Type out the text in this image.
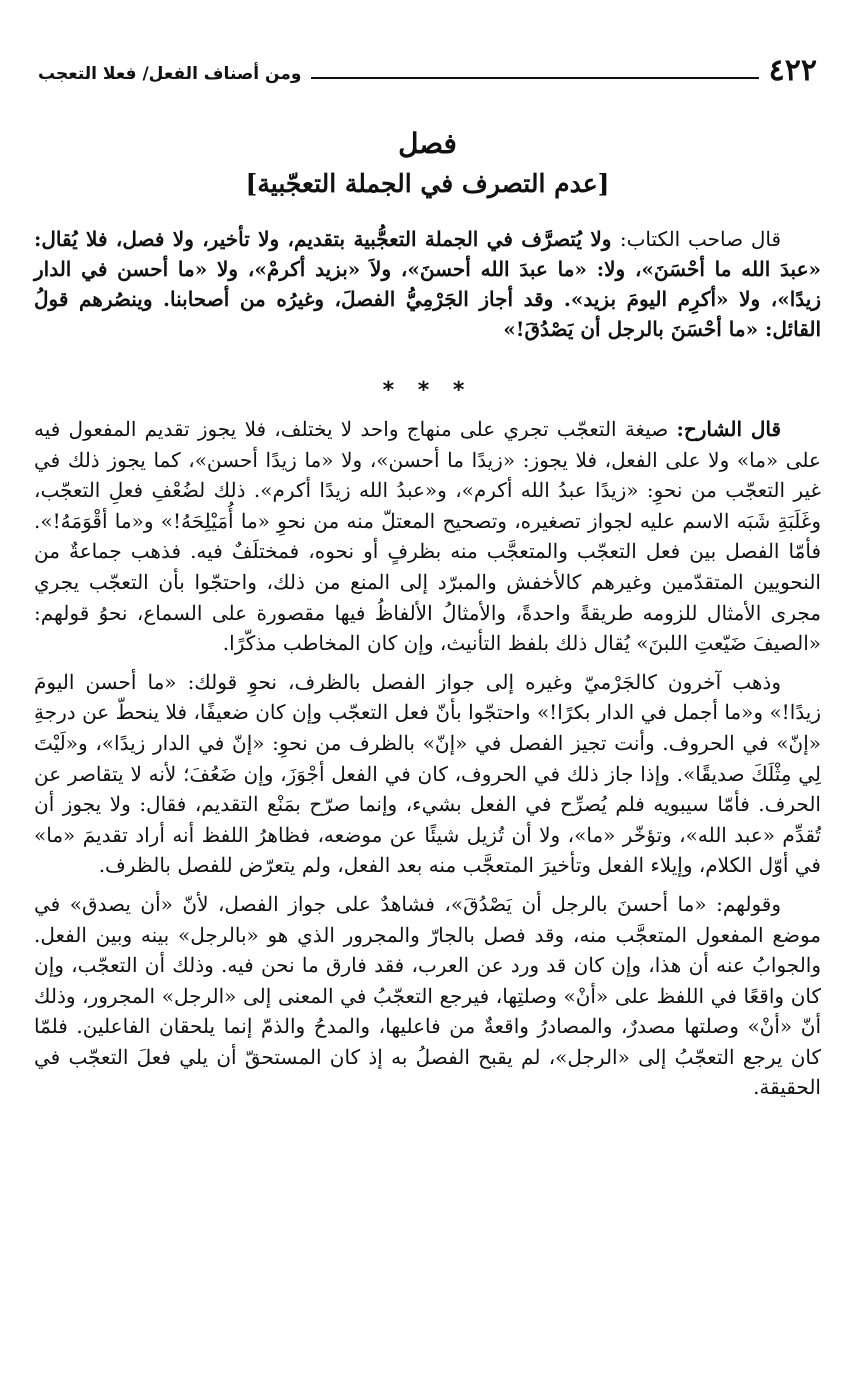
٤٢٢
ومن أصناف الفعل/ فعلا التعجب
فصل
[عدم التصرف في الجملة التعجّبية]

قال صاحب الكتاب: ولا يُتصرَّف في الجملة التعجُّبية بتقديم، ولا تأخير، ولا فصل، فلا يُقال: «عبدَ الله ما أحْسَنَ»، ولا: «ما عبدَ الله أحسنَ»، ولاَ «بزيد أكرمْ»، ولا «ما أحسن في الدار زيدًا»، ولا «أكرِم اليومَ بزيد». وقد أجاز الجَرْمِيُّ الفصلَ، وغيرُه من أصحابنا. وينصُرهم قولُ القائل: «ما أحْسَنَ بالرجل أن يَصْدُقَ!»

* * *

قال الشارح: صيغة التعجّب تجري على منهاج واحد لا يختلف، فلا يجوز تقديم المفعول فيه على «ما» ولا على الفعل، فلا يجوز: «زيدًا ما أحسن»، ولا «ما زيدًا أحسن»، كما يجوز ذلك في غير التعجّب من نحوِ: «زيدًا عبدُ الله أكرم»، و«عبدُ الله زيدًا أكرم». ذلك لضُعْفِ فعلِ التعجّب، وغَلَبَةِ شَبَه الاسم عليه لجواز تصغيره، وتصحيح المعتلّ منه من نحوِ «ما أُمَيْلِحَهُ!» و«ما أقْوَمَهُ!». فأمّا الفصل بين فعل التعجّب والمتعجَّب منه بظرفٍ أو نحوه، فمختلَفٌ فيه. فذهب جماعةٌ من النحويين المتقدّمين وغيرهم كالأخفش والمبرّد إلى المنع من ذلك، واحتجّوا بأن التعجّب يجري مجرى الأمثال للزومه طريقةً واحدةً، والأمثالُ الألفاظُ فيها مقصورة على السماع، نحوُ قولهم: «الصيفَ ضَيّعتِ اللبنَ» يُقال ذلك بلفظ التأنيث، وإن كان المخاطب مذكّرًا.

وذهب آخرون كالجَرْميّ وغيره إلى جواز الفصل بالظرف، نحوِ قولك: «ما أحسن اليومَ زيدًا!» و«ما أجمل في الدار بكرًا!» واحتجّوا بأنّ فعل التعجّب وإن كان ضعيفًا، فلا ينحطّ عن درجةِ «إنّ» في الحروف. وأنت تجيز الفصل في «إنّ» بالظرف من نحوِ: «إنّ في الدار زيدًا»، و«لَيْتَ لِي مِثْلَكَ صديقًا». وإذا جاز ذلك في الحروف، كان في الفعل أجْوَزَ، وإن ضَعُفَ؛ لأنه لا يتقاصر عن الحرف. فأمّا سيبويه فلم يُصرِّح في الفعل بشيء، وإنما صرّح بمَنْع التقديم، فقال: ولا يجوز أن تُقدِّم «عبد الله»، وتؤخّر «ما»، ولا أن تُزيل شيئًا عن موضعه، فظاهرُ اللفظ أنه أراد تقديمَ «ما» في أوّل الكلام، وإيلاء الفعل وتأخيرَ المتعجَّب منه بعد الفعل، ولم يتعرّض للفصل بالظرف.

وقولهم: «ما أحسنَ بالرجل أن يَصْدُقَ»، فشاهدٌ على جواز الفصل، لأنّ «أن يصدق» في موضع المفعول المتعجَّب منه، وقد فصل بالجارّ والمجرور الذي هو «بالرجل» بينه وبين الفعل. والجوابُ عنه أن هذا، وإن كان قد ورد عن العرب، فقد فارق ما نحن فيه. وذلك أن التعجّب، وإن كان واقعًا في اللفظ على «أنْ» وصلتِها، فيرجع التعجّبُ في المعنى إلى «الرجل» المجرور، وذلك أنّ «أنْ» وصلتها مصدرٌ، والمصادرُ واقعةٌ من فاعليها، والمدحُ والذمّ إنما يلحقان الفاعلين. فلمّا كان يرجع التعجّبُ إلى «الرجل»، لم يقبح الفصلُ به إذ كان المستحقّ أن يلي فعلَ التعجّب في الحقيقة.
